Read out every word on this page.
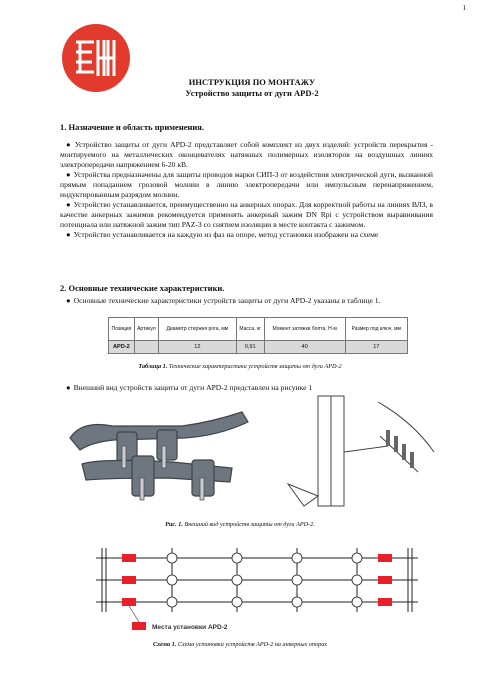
1
ИНСТРУКЦИЯ ПО МОНТАЖУ
Устройство защиты от дуги APD-2
1. Назначение и область применения.

● Устройство защиты от дуги APD-2 представляет собой комплект из двух изделий: устройств перекрытия - монтируемого на металлических оконцевателях натяжных полимерных изоляторов на воздушных линиях электропередачи напряжением 6-20 кВ.

● Устройства предназначены для защиты проводов марки СИП-3 от воздействия электрической дуги, вызванной прямым попаданием грозовой молнии в линию электропередачи или импульсным перенапряжением, индуктированным разрядом молнии.

● Устройство устанавливается, преимущественно на анкерных опорах. Для корректной работы на линиях ВЛЗ, в качестве анкерных зажимов рекомендуется применять анкерный зажим DN Rpi с устройством выравнивания потенциала или натяжной зажим тип PAZ-3 со снятием изоляции в месте контакта с зажимом.

● Устройство устанавливается на каждую из фаз на опоре, метод установки изображен на схеме

2. Основные технические характеристики.

● Основные технические характеристики устройств защиты от дуги APD-2 указаны в таблице 1.

Позиция	Артикул	Диаметр стержня рога, мм	Масса, кг	Момент затяжки болта, Н·м	Размер под ключ, мм
APD-2		12	0,91	40	17
Таблица 1. Технические характеристики устройств защиты от дуги APD-2

● Внешний вид устройств защиты от дуги APD-2 представлен на рисунке 1

Рис. 1. Внешний вид устройств защиты от дуги APD-2.
Места установки APD-2
Схема 1. Схема установки устройств APD-2 на анкерных опорах
